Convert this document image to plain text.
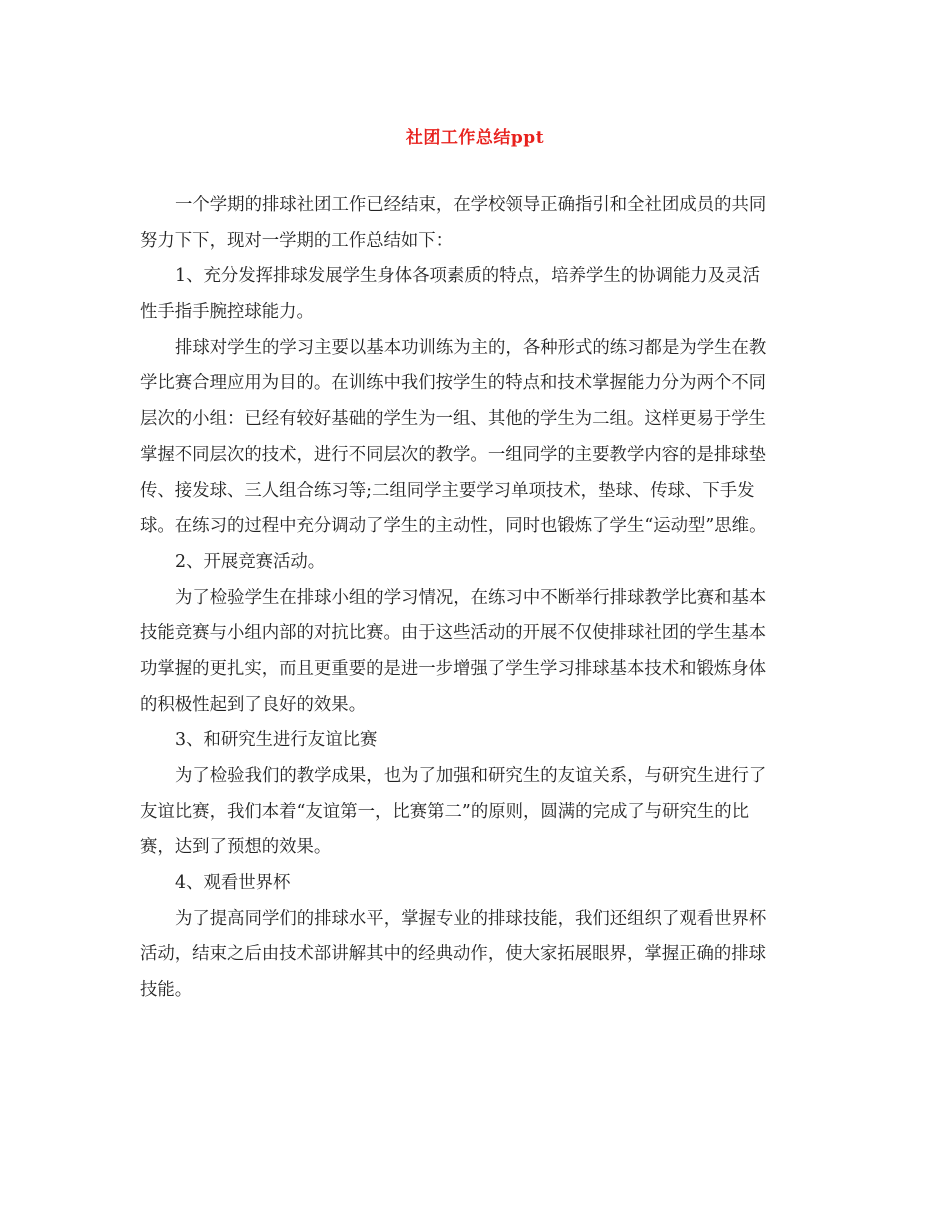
社团工作总结ppt
一个学期的排球社团工作已经结束，在学校领导正确指引和全社团成员的共同
努力下下，现对一学期的工作总结如下：
1、充分发挥排球发展学生身体各项素质的特点，培养学生的协调能力及灵活
性手指手腕控球能力。
排球对学生的学习主要以基本功训练为主的，各种形式的练习都是为学生在教
学比赛合理应用为目的。在训练中我们按学生的特点和技术掌握能力分为两个不同
层次的小组：已经有较好基础的学生为一组、其他的学生为二组。这样更易于学生
掌握不同层次的技术，进行不同层次的教学。一组同学的主要教学内容的是排球垫
传、接发球、三人组合练习等;二组同学主要学习单项技术，垫球、传球、下手发
球。在练习的过程中充分调动了学生的主动性，同时也锻炼了学生“运动型”思维。
2、开展竞赛活动。
为了检验学生在排球小组的学习情况，在练习中不断举行排球教学比赛和基本
技能竞赛与小组内部的对抗比赛。由于这些活动的开展不仅使排球社团的学生基本
功掌握的更扎实，而且更重要的是进一步增强了学生学习排球基本技术和锻炼身体
的积极性起到了良好的效果。
3、和研究生进行友谊比赛
为了检验我们的教学成果，也为了加强和研究生的友谊关系，与研究生进行了
友谊比赛，我们本着“友谊第一，比赛第二”的原则，圆满的完成了与研究生的比
赛，达到了预想的效果。
4、观看世界杯
为了提高同学们的排球水平，掌握专业的排球技能，我们还组织了观看世界杯
活动，结束之后由技术部讲解其中的经典动作，使大家拓展眼界，掌握正确的排球
技能。
